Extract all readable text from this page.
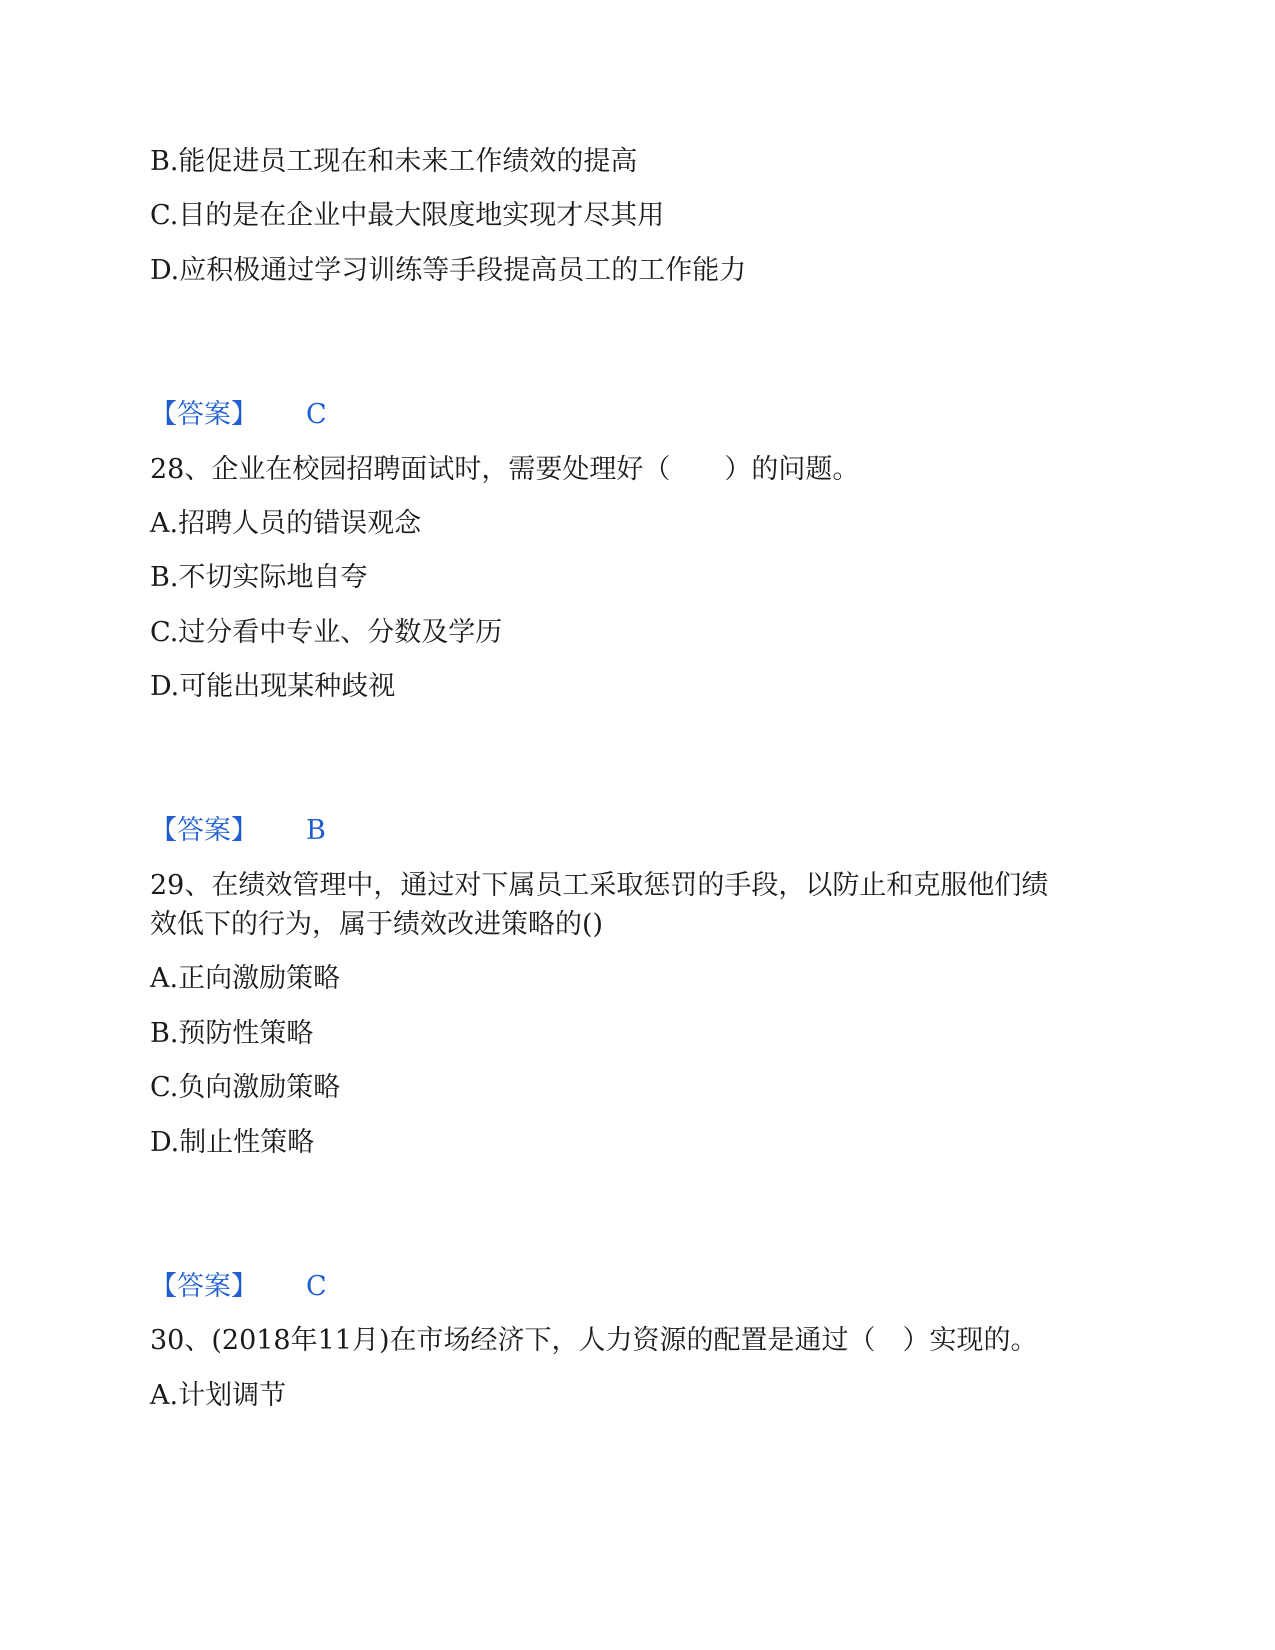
B.能促进员工现在和未来工作绩效的提高
C.目的是在企业中最大限度地实现才尽其用
D.应积极通过学习训练等手段提高员工的工作能力
【答案】 C
28、企业在校园招聘面试时，需要处理好（　　）的问题。
A.招聘人员的错误观念
B.不切实际地自夸
C.过分看中专业、分数及学历
D.可能出现某种歧视
【答案】 B
29、在绩效管理中，通过对下属员工采取惩罚的手段，以防止和克服他们绩
效低下的行为，属于绩效改进策略的()
A.正向激励策略
B.预防性策略
C.负向激励策略
D.制止性策略
【答案】 C
30、(2018年11月)在市场经济下，人力资源的配置是通过（　）实现的。
A.计划调节
